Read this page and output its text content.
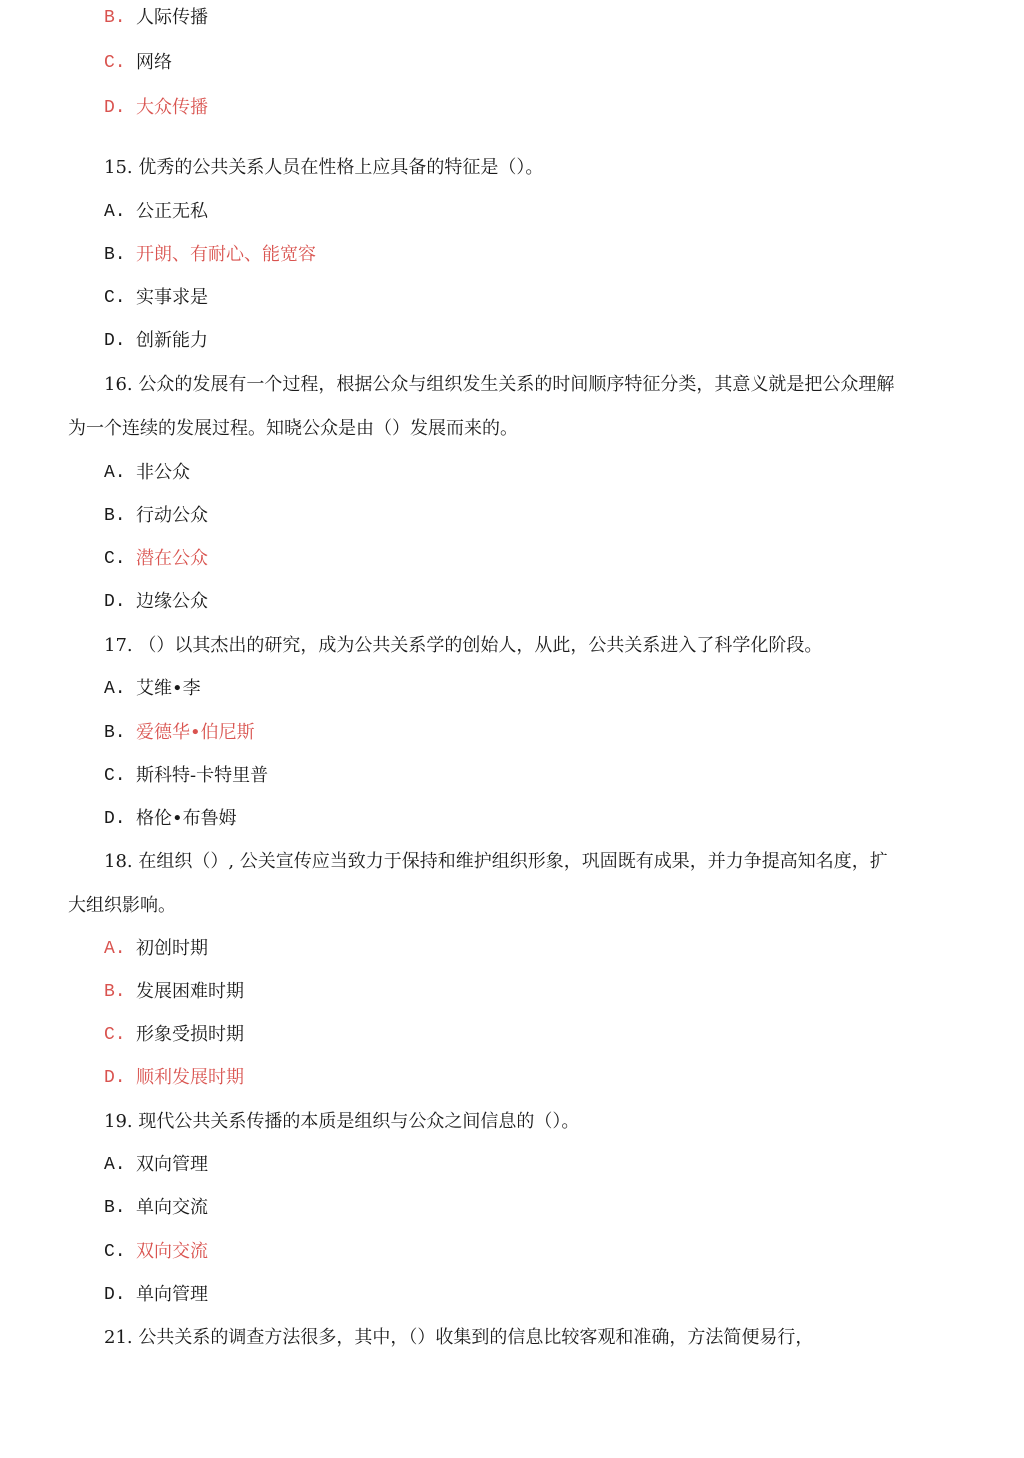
B. 人际传播
C. 网络
D. 大众传播
15. 优秀的公共关系人员在性格上应具备的特征是（）。
A. 公正无私
B. 开朗、有耐心、能宽容
C. 实事求是
D. 创新能力
16. 公众的发展有一个过程，根据公众与组织发生关系的时间顺序特征分类，其意义就是把公众理解
为一个连续的发展过程。知晓公众是由（）发展而来的。
A. 非公众
B. 行动公众
C. 潜在公众
D. 边缘公众
17. （）以其杰出的研究，成为公共关系学的创始人，从此，公共关系进入了科学化阶段。
A. 艾维•李
B. 爱德华•伯尼斯
C. 斯科特-卡特里普
D. 格伦•布鲁姆
18. 在组织（）, 公关宣传应当致力于保持和维护组织形象，巩固既有成果，并力争提高知名度，扩
大组织影响。
A. 初创时期
B. 发展困难时期
C. 形象受损时期
D. 顺利发展时期
19. 现代公共关系传播的本质是组织与公众之间信息的（）。
A. 双向管理
B. 单向交流
C. 双向交流
D. 单向管理
21. 公共关系的调查方法很多，其中，（）收集到的信息比较客观和准确，方法简便易行，
